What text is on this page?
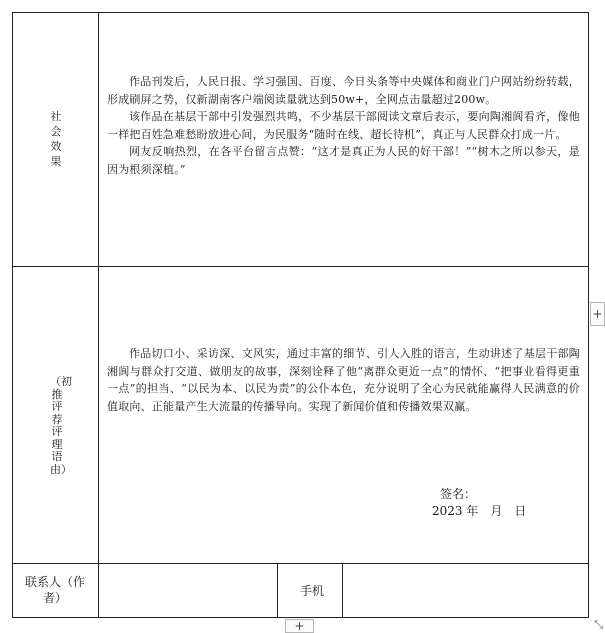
社会效果

作品刊发后，人民日报、学习强国、百度、今日头条等中央媒体和商业门户网站纷纷转载，形成刷屏之势，仅新湖南客户端阅读量就达到50w+，全网点击量超过200w。

该作品在基层干部中引发强烈共鸣，不少基层干部阅读文章后表示，要向陶湘阆看齐，像他一样把百姓急难愁盼放进心间，为民服务“随时在线、超长待机”，真正与人民群众打成一片。

网友反响热烈，在各平台留言点赞：“这才是真正为人民的好干部！”“树木之所以参天，是因为根须深植。”

（初推评荐评理语由）

作品切口小、采访深、文风实，通过丰富的细节、引人入胜的语言，生动讲述了基层干部陶湘阆与群众打交道、做朋友的故事，深刻诠释了他“离群众更近一点”的情怀、“把事业看得更重一点”的担当、“以民为本、以民为责”的公仆本色，充分说明了全心为民就能赢得人民满意的价值取向、正能量产生大流量的传播导向。实现了新闻价值和传播效果双赢。

签名：
2023 年　月　日
联系人（作者）	手机
+
+	⤡
